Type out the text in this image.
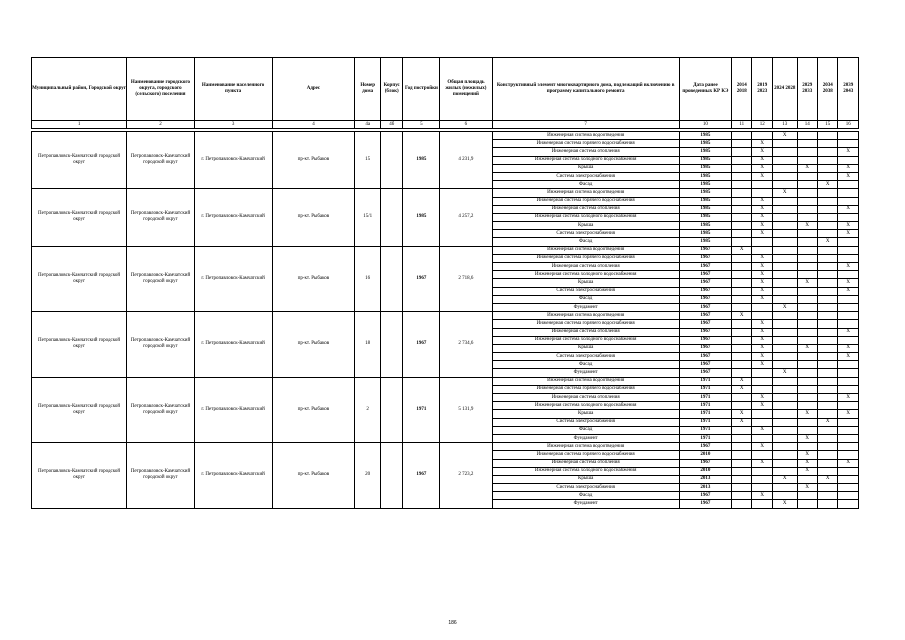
Муниципальный район, Городской округ	Наименование городского округа, городского (сельского) поселения	Наименование населенного пункта	Адрес	Номер дома	Корпус (блок)	Год постройки	Общая площадь жилых (нежилых) помещений	Конструктивный элемент многоквартирного дома, подлежащий включению в программу капитального ремонта	Дата ранее проведенных КР КЭ	2014 2018	2019 2023	2024 2028	2029 2033	2034 2038	2039 2043
1	2	3	4	4а	4б	5	6	7	10	11	12	13	14	15	16

Петропавловск-Камчатский городской округ	Петропавловск-Камчатский городской округ	г. Петропавловск-Камчатский	пр-кт. Рыбаков	15		1985	4 231,9	Инженерная система водоотведения	1985			X			
								Инженерная система горячего водоснабжения	1985		X				
								Инженерная система отопления	1985		X				X
								Инженерная система холодного водоснабжения	1985		X				
								Крыша	1985		X		X		X
								Система электроснабжения	1985		X				X
								Фасад	1985					X	
Петропавловск-Камчатский городской округ	Петропавловск-Камчатский городской округ	г. Петропавловск-Камчатский	пр-кт. Рыбаков	15/1		1985	4 257,2	Инженерная система водоотведения	1985			X			
								Инженерная система горячего водоснабжения	1985		X				
								Инженерная система отопления	1985		X				X
								Инженерная система холодного водоснабжения	1985		X				
								Крыша	1985		X		X		X
								Система электроснабжения	1985		X				X
								Фасад	1985					X	
Петропавловск-Камчатский городской округ	Петропавловск-Камчатский городской округ	г. Петропавловск-Камчатский	пр-кт. Рыбаков	16		1967	2 718,6	Инженерная система водоотведения	1967	X					
								Инженерная система горячего водоснабжения	1967		X				
								Инженерная система отопления	1967		X				X
								Инженерная система холодного водоснабжения	1967		X				
								Крыша	1967		X		X		X
								Система электроснабжения	1967		X				X
								Фасад	1967		X				
								Фундамент	1967			X			
Петропавловск-Камчатский городской округ	Петропавловск-Камчатский городской округ	г. Петропавловск-Камчатский	пр-кт. Рыбаков	18		1967	2 734,6	Инженерная система водоотведения	1967	X					
								Инженерная система горячего водоснабжения	1967		X				
								Инженерная система отопления	1967		X				X
								Инженерная система холодного водоснабжения	1967		X				
								Крыша	1967		X		X		X
								Система электроснабжения	1967		X				X
								Фасад	1967		X				
								Фундамент	1967			X			
Петропавловск-Камчатский городской округ	Петропавловск-Камчатский городской округ	г. Петропавловск-Камчатский	пр-кт. Рыбаков	2		1971	5 131,9	Инженерная система водоотведения	1971	X					
								Инженерная система горячего водоснабжения	1971	X					
								Инженерная система отопления	1971		X				X
								Инженерная система холодного водоснабжения	1971		X				
								Крыша	1971	X			X		X
								Система электроснабжения	1971	X				X	
								Фасад	1971		X				
								Фундамент	1971				X		
Петропавловск-Камчатский городской округ	Петропавловск-Камчатский городской округ	г. Петропавловск-Камчатский	пр-кт. Рыбаков	20		1967	2 723,2	Инженерная система водоотведения	1967		X				
								Инженерная система горячего водоснабжения	2010				X		
								Инженерная система отопления	1967		X		X		X
								Инженерная система холодного водоснабжения	2010				X		
								Крыша	2013			X		X	
								Система электроснабжения	2013				X		
								Фасад	1967		X				
								Фундамент	1967			X			
186
